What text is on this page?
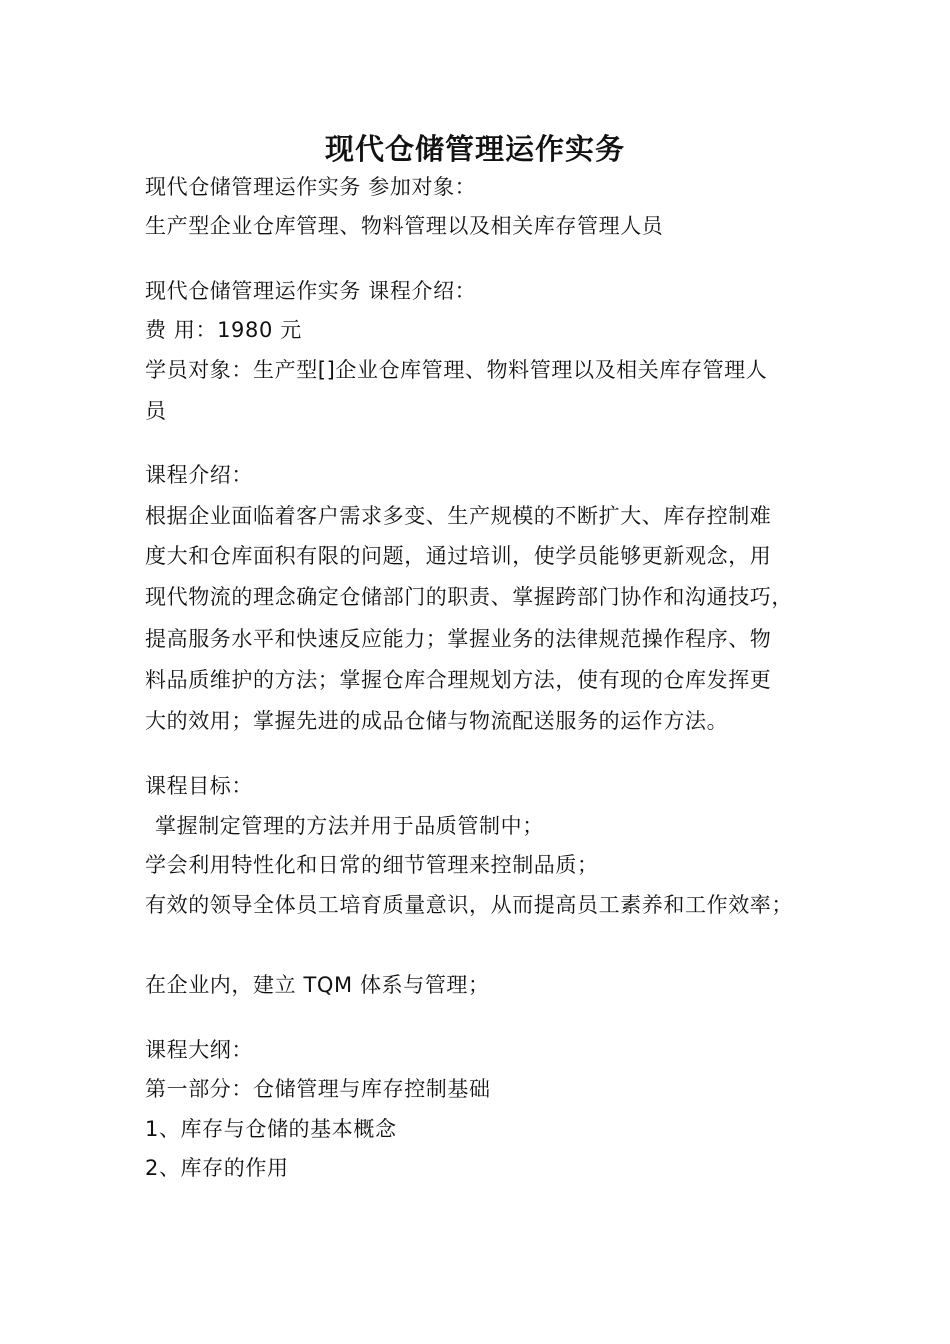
现代仓储管理运作实务
现代仓储管理运作实务 参加对象：
生产型企业仓库管理、物料管理以及相关库存管理人员
现代仓储管理运作实务 课程介绍：
费 用：1980 元
学员对象：生产型[]企业仓库管理、物料管理以及相关库存管理人
员
课程介绍：
根据企业面临着客户需求多变、生产规模的不断扩大、库存控制难
度大和仓库面积有限的问题，通过培训，使学员能够更新观念，用
现代物流的理念确定仓储部门的职责、掌握跨部门协作和沟通技巧，
提高服务水平和快速反应能力；掌握业务的法律规范操作程序、物
料品质维护的方法；掌握仓库合理规划方法，使有现的仓库发挥更
大的效用；掌握先进的成品仓储与物流配送服务的运作方法。
课程目标：
掌握制定管理的方法并用于品质管制中；
学会利用特性化和日常的细节管理来控制品质；
有效的领导全体员工培育质量意识，从而提高员工素养和工作效率；
在企业内，建立 TQM 体系与管理；
课程大纲：
第一部分：仓储管理与库存控制基础
1、库存与仓储的基本概念
2、库存的作用
